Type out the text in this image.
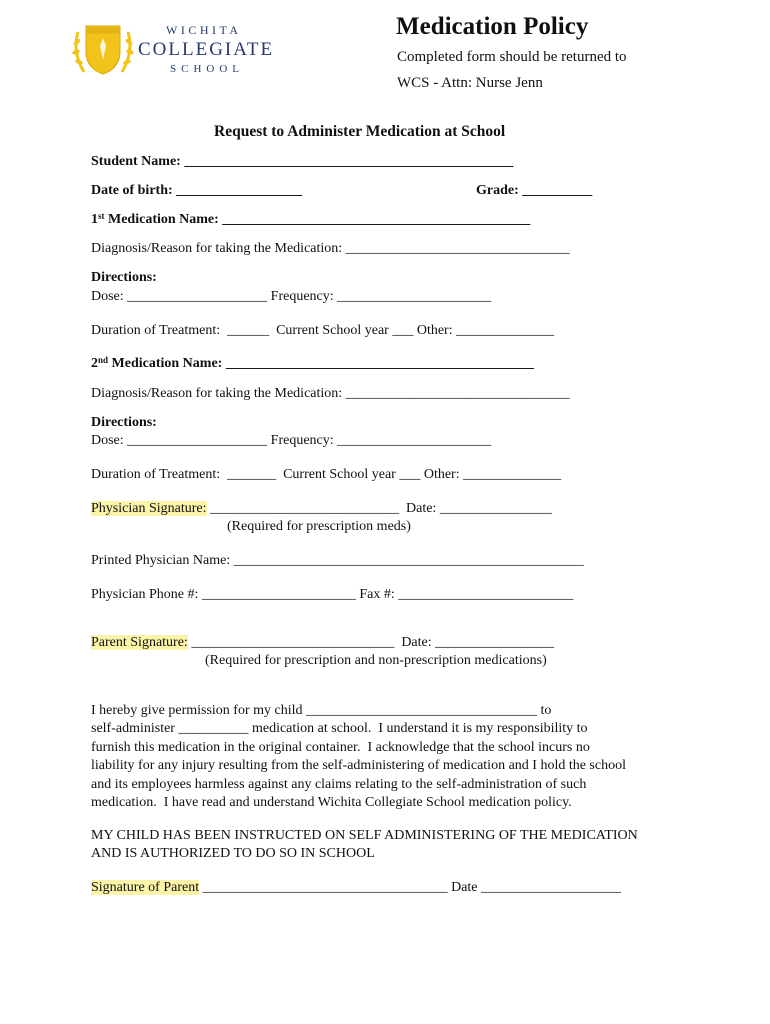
WICHITA
COLLEGIATE
SCHOOL
Medication Policy
Completed form should be returned to
WCS - Attn: Nurse Jenn
Request to Administer Medication at School
Student Name: _______________________________________________
Date of birth: __________________	Grade: __________
1st Medication Name: ____________________________________________
Diagnosis/Reason for taking the Medication: ________________________________
Directions:
Dose: ____________________ Frequency: ______________________
Duration of Treatment:  ______  Current School year ___ Other: ______________
2nd Medication Name: ____________________________________________
Diagnosis/Reason for taking the Medication: ________________________________
Directions:
Dose: ____________________ Frequency: ______________________
Duration of Treatment:  _______  Current School year ___ Other: ______________
Physician Signature: ___________________________  Date: ________________
(Required for prescription meds)
Printed Physician Name: __________________________________________________
Physician Phone #: ______________________ Fax #: _________________________
Parent Signature: _____________________________  Date: _________________
(Required for prescription and non-prescription medications)
I hereby give permission for my child _________________________________ to
self-administer __________ medication at school.  I understand it is my responsibility to
furnish this medication in the original container.  I acknowledge that the school incurs no
liability for any injury resulting from the self-administering of medication and I hold the school
and its employees harmless against any claims relating to the self-administration of such
medication.  I have read and understand Wichita Collegiate School medication policy.
MY CHILD HAS BEEN INSTRUCTED ON SELF ADMINISTERING OF THE MEDICATION
AND IS AUTHORIZED TO DO SO IN SCHOOL
Signature of Parent ___________________________________ Date ____________________
